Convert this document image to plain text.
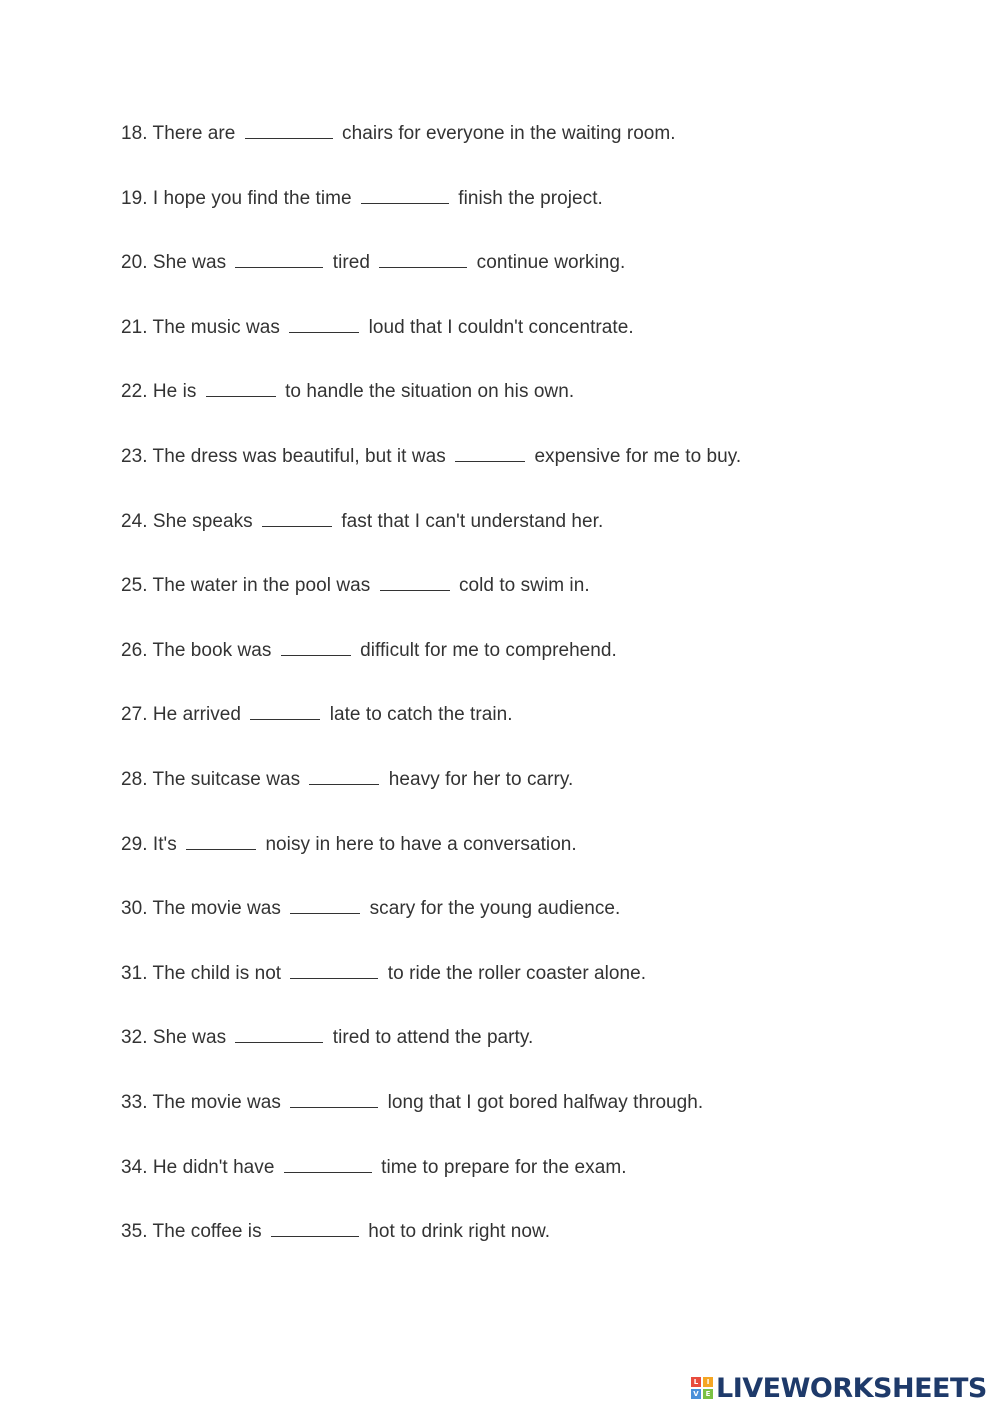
18. There are	chairs for everyone in the waiting room.
19. I hope you find the time	finish the project.
20. She was	tired	continue working.
21. The music was	loud that I couldn't concentrate.
22. He is	to handle the situation on his own.
23. The dress was beautiful, but it was	expensive for me to buy.
24. She speaks	fast that I can't understand her.
25. The water in the pool was	cold to swim in.
26. The book was	difficult for me to comprehend.
27. He arrived	late to catch the train.
28. The suitcase was	heavy for her to carry.
29. It's	noisy in here to have a conversation.
30. The movie was	scary for the young audience.
31. The child is not	to ride the roller coaster alone.
32. She was	tired to attend the party.
33. The movie was	long that I got bored halfway through.
34. He didn't have	time to prepare for the exam.
35. The coffee is	hot to drink right now.
L	I
V E LIVEWORKSHEETS
